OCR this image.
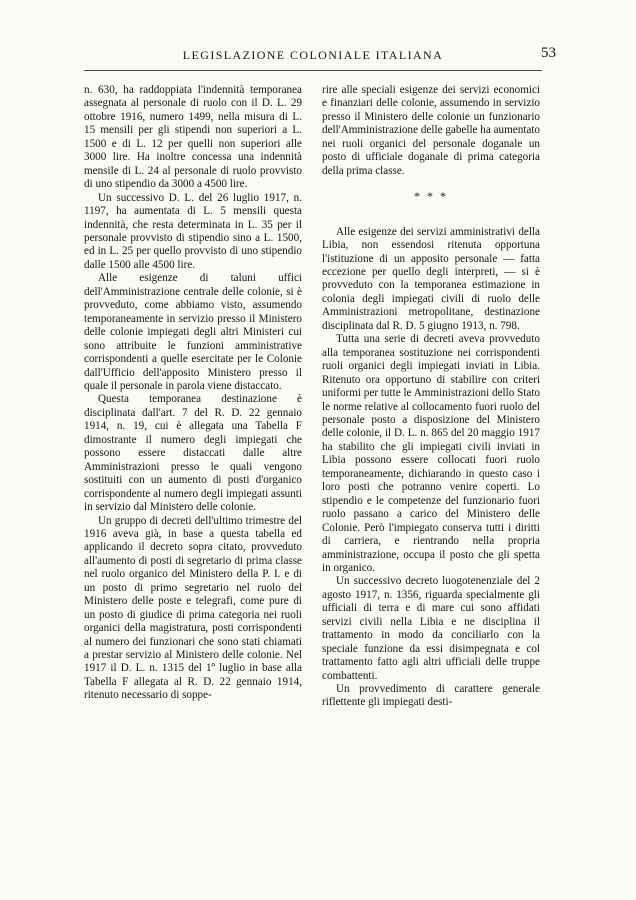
LEGISLAZIONE COLONIALE ITALIANA	53

n. 630, ha raddoppiata l'indennità temporanea assegnata al personale di ruolo con il D. L. 29 ottobre 1916, numero 1499, nella misura di L. 15 mensili per gli stipendi non superiori a L. 1500 e di L. 12 per quelli non superiori alle 3000 lire. Ha inoltre concessa una indennità mensile di L. 24 al personale di ruolo provvisto di uno stipendio da 3000 a 4500 lire.

Un successivo D. L. del 26 luglio 1917, n. 1197, ha aumentata di L. 5 mensili questa indennità, che resta determinata in L. 35 per il personale provvisto di stipendio sino a L. 1500, ed in L. 25 per quello provvisto di uno stipendio dalle 1500 alle 4500 lire.

Alle esigenze di taluni uffici dell'Amministrazione centrale delle colonie, si è provveduto, come abbiamo visto, assumendo temporaneamente in servizio presso il Ministero delle colonie impiegati degli altri Ministeri cui sono attribuite le funzioni amministrative corrispondenti a quelle esercitate per le Colonie dall'Ufficio dell'apposito Ministero presso il quale il personale in parola viene distaccato.

Questa temporanea destinazione è disciplinata dall'art. 7 del R. D. 22 gennaio 1914, n. 19, cui è allegata una Tabella F dimostrante il numero degli impiegati che possono essere distaccati dalle altre Amministrazioni presso le quali vengono sostituiti con un aumento di posti d'organico corrispondente al numero degli impiegati assunti in servizio dal Ministero delle colonie.

Un gruppo di decreti dell'ultimo trimestre del 1916 aveva già, in base a questa tabella ed applicando il decreto sopra citato, provveduto all'aumento di posti di segretario di prima classe nel ruolo organico del Ministero della P. I. e di un posto di primo segretario nel ruolo del Ministero delle poste e telegrafi, come pure di un posto di giudice di prima categoria nei ruoli organici della magistratura, posti corrispondenti al numero dei funzionari che sono stati chiamati a prestar servizio al Ministero delle colonie. Nel 1917 il D. L. n. 1315 del 1º luglio in base alla Tabella F allegata al R. D. 22 gennaio 1914, ritenuto necessario di soppe-

rire alle speciali esigenze dei servizi economici e finanziari delle colonie, assumendo in servizio presso il Ministero delle colonie un funzionario dell'Amministrazione delle gabelle ha aumentato nei ruoli organici del personale doganale un posto di ufficiale doganale di prima categoria della prima classe.

* * *

Alle esigenze dei servizi amministrativi della Libia, non essendosi ritenuta opportuna l'istituzione di un apposito personale — fatta eccezione per quello degli interpreti, — si è provveduto con la temporanea estimazione in colonia degli impiegati civili di ruolo delle Amministrazioni metropolitane, destinazione disciplinata dal R. D. 5 giugno 1913, n. 798.

Tutta una serie di decreti aveva provveduto alla temporanea sostituzione nei corrispondenti ruoli organici degli impiegati inviati in Libia. Ritenuto ora opportuno di stabilire con criteri uniformi per tutte le Amministrazioni dello Stato le norme relative al collocamento fuori ruolo del personale posto a disposizione del Ministero delle colonie, il D. L. n. 865 del 20 maggio 1917 ha stabilito che gli impiegati civili inviati in Libia possono essere collocati fuori ruolo temporaneamente, dichiarando in questo caso i loro posti che potranno venire coperti. Lo stipendio e le competenze del funzionario fuori ruolo passano a carico del Ministero delle Colonie. Però l'impiegato conserva tutti i diritti di carriera, e rientrando nella propria amministrazione, occupa il posto che gli spetta in organico.

Un successivo decreto luogotenenziale del 2 agosto 1917, n. 1356, riguarda specialmente gli ufficiali di terra e di mare cui sono affidati servizi civili nella Libia e ne disciplina il trattamento in modo da conciliarlo con la speciale funzione da essi disimpegnata e col trattamento fatto agli altri ufficiali delle truppe combattenti.

Un provvedimento di carattere generale riflettente gli impiegati desti-
